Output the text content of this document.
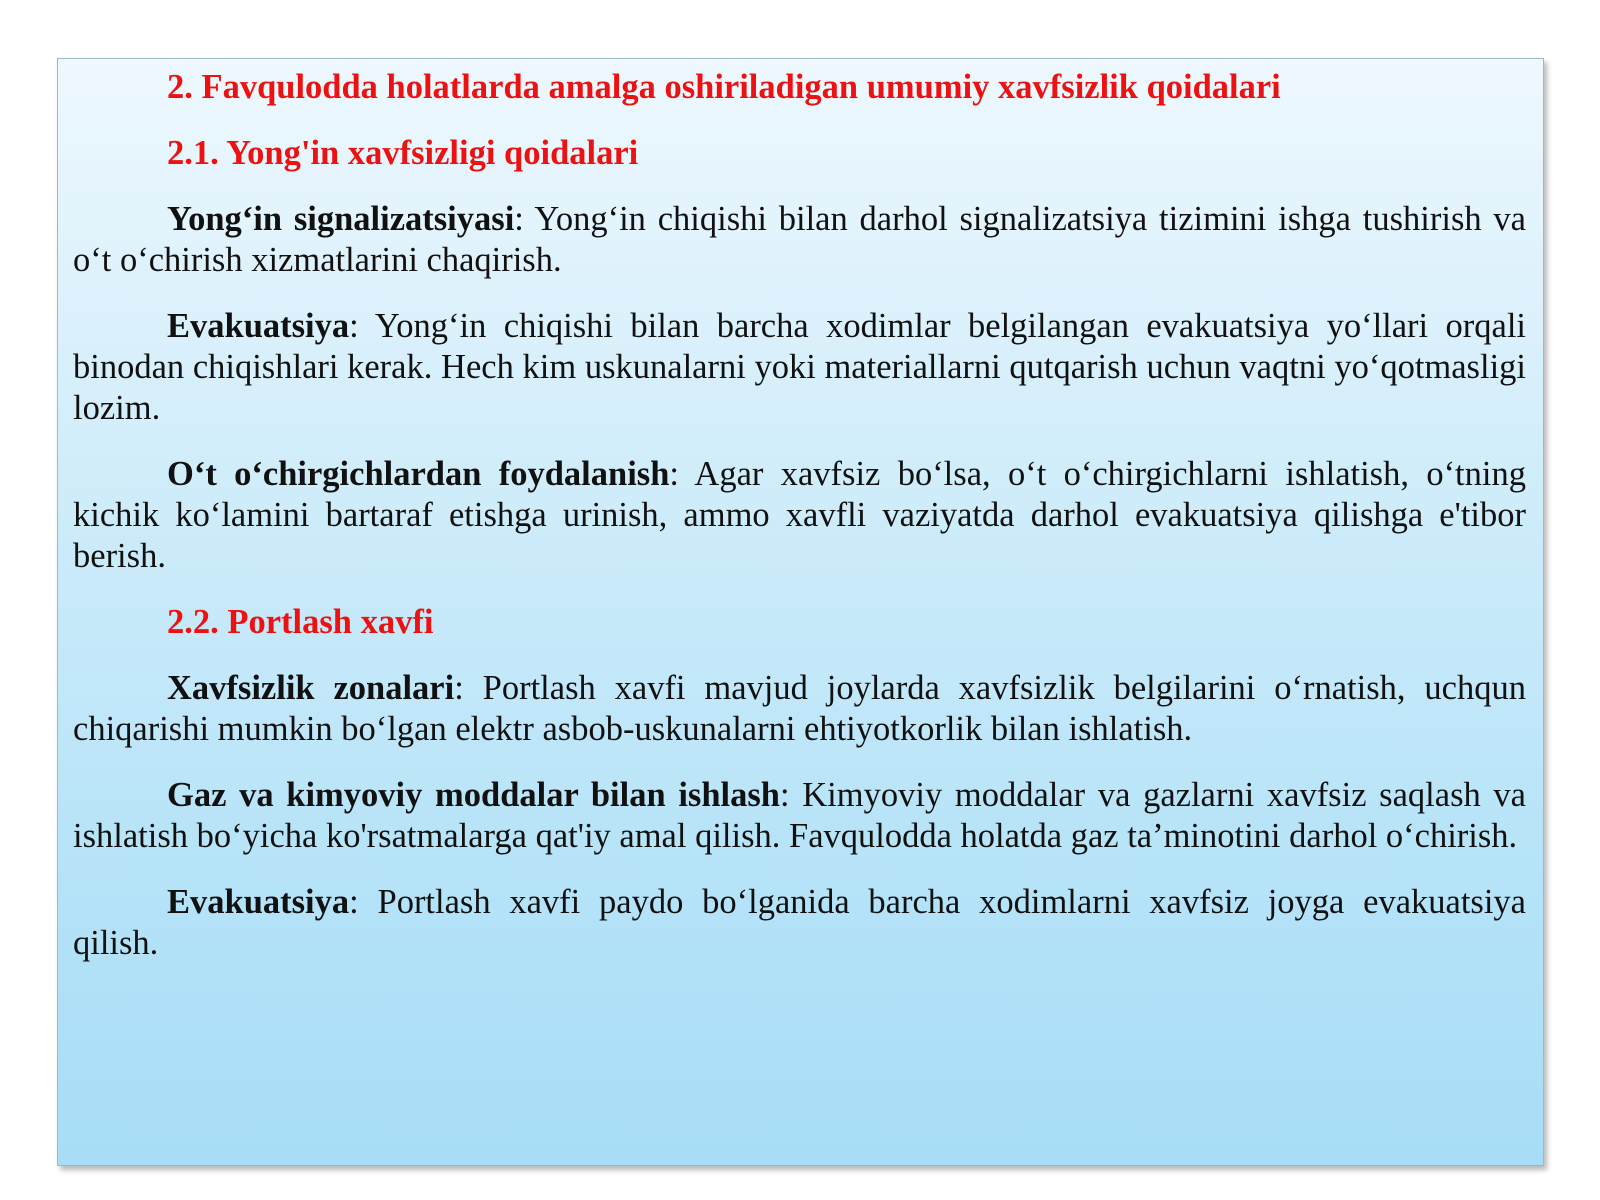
2. Favqulodda holatlarda amalga oshiriladigan umumiy xavfsizlik qoidalari
2.1. Yong'in xavfsizligi qoidalari

Yong‘in signalizatsiyasi: Yong‘in chiqishi bilan darhol signalizatsiya tizimini ishga tushirish va o‘t o‘chirish xizmatlarini chaqirish.

Evakuatsiya: Yong‘in chiqishi bilan barcha xodimlar belgilangan evakuatsiya yo‘llari orqali binodan chiqishlari kerak. Hech kim uskunalarni yoki materiallarni qutqarish uchun vaqtni yo‘qotmasligi lozim.

O‘t o‘chirgichlardan foydalanish: Agar xavfsiz bo‘lsa, o‘t o‘chirgichlarni ishlatish, o‘tning kichik ko‘lamini bartaraf etishga urinish, ammo xavfli vaziyatda darhol evakuatsiya qilishga e'tibor berish.

2.2. Portlash xavfi

Xavfsizlik zonalari: Portlash xavfi mavjud joylarda xavfsizlik belgilarini o‘rnatish, uchqun chiqarishi mumkin bo‘lgan elektr asbob-uskunalarni ehtiyotkorlik bilan ishlatish.

Gaz va kimyoviy moddalar bilan ishlash: Kimyoviy moddalar va gazlarni xavfsiz saqlash va ishlatish bo‘yicha ko'rsatmalarga qat'iy amal qilish. Favqulodda holatda gaz ta’minotini darhol o‘chirish.

Evakuatsiya: Portlash xavfi paydo bo‘lganida barcha xodimlarni xavfsiz joyga evakuatsiya qilish.
